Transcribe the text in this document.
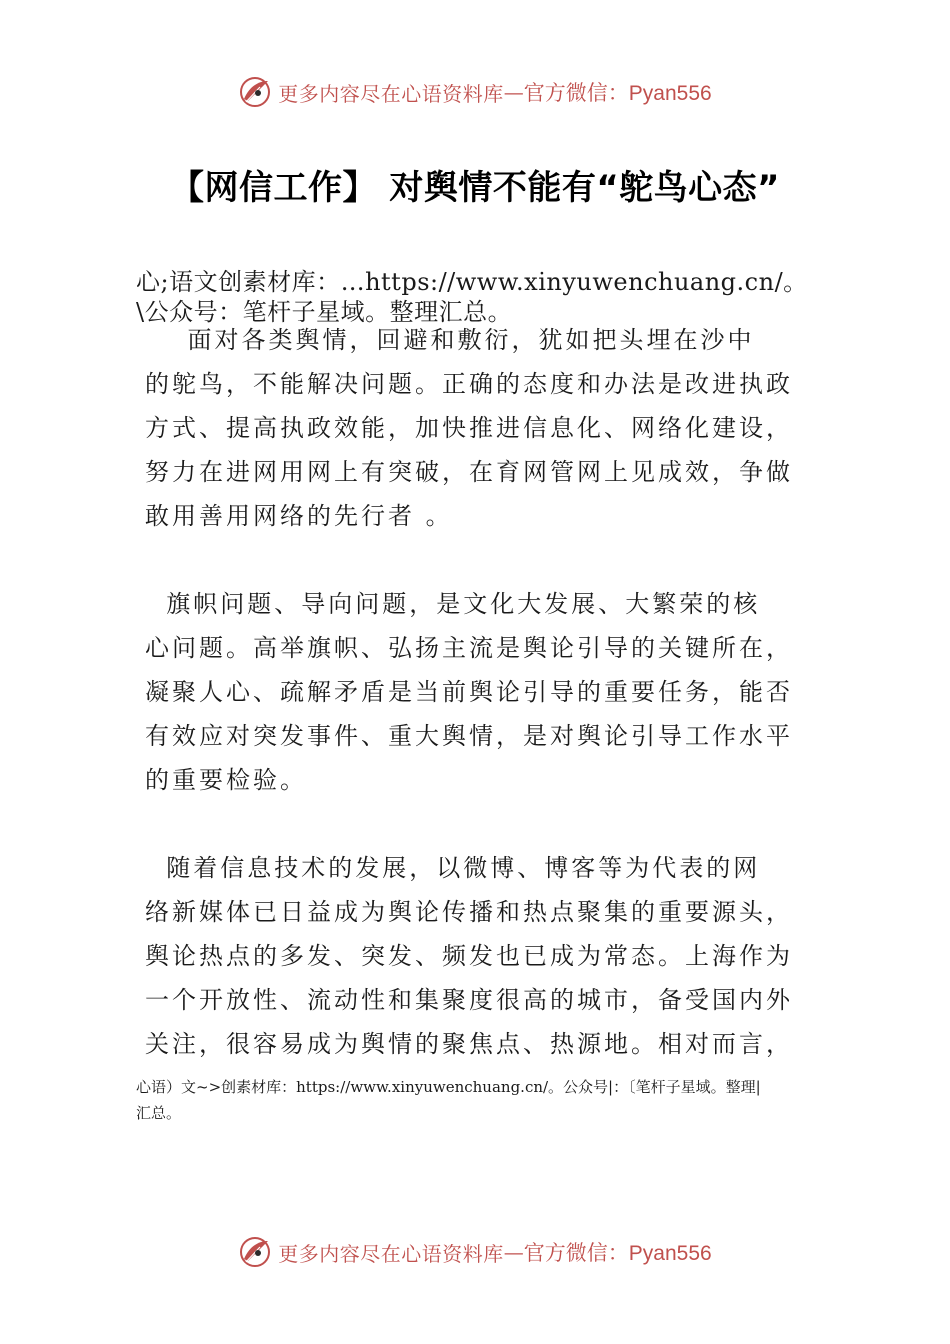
更多内容尽在心语资料库 — 官方微信：Pyan556
【网信工作】 对舆情不能有“鸵鸟心态”
心;语文创素材库：…https://www.xinyuwenchuang.cn/。
\公众号：笔杆子星域。整理汇总。
面对各类舆情，回避和敷衍，犹如把头埋在沙中
的鸵鸟，不能解决问题。正确的态度和办法是改进执政
方式、提高执政效能，加快推进信息化、网络化建设，
努力在进网用网上有突破，在育网管网上见成效，争做
敢用善用网络的先行者 。
旗帜问题、导向问题，是文化大发展、大繁荣的核
心问题。高举旗帜、弘扬主流是舆论引导的关键所在，
凝聚人心、疏解矛盾是当前舆论引导的重要任务，能否
有效应对突发事件、重大舆情，是对舆论引导工作水平
的重要检验。
随着信息技术的发展，以微博、博客等为代表的网
络新媒体已日益成为舆论传播和热点聚集的重要源头，
舆论热点的多发、突发、频发也已成为常态。上海作为
一个开放性、流动性和集聚度很高的城市，备受国内外
关注，很容易成为舆情的聚焦点、热源地。相对而言，
心语）文~>创素材库：https://www.xinyuwenchuang.cn/。公众号|：〔笔杆子星域。整理|
汇总。
更多内容尽在心语资料库 — 官方微信：Pyan556
